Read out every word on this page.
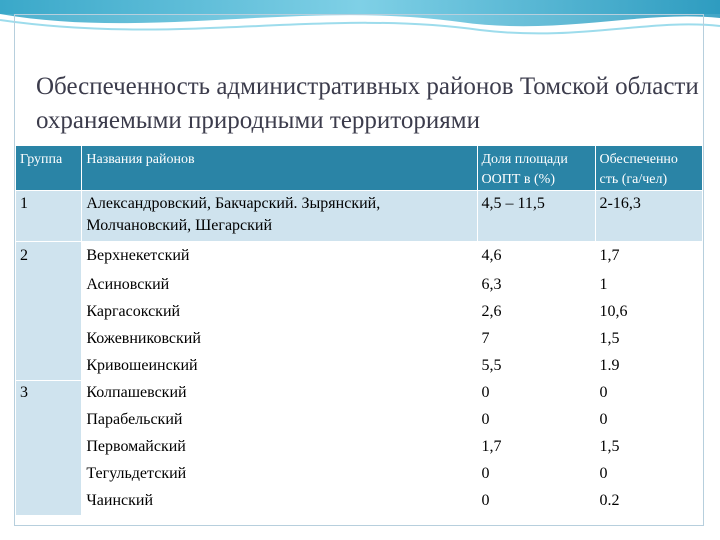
Обеспеченность административных районов Томской области охраняемыми природными территориями
Группа	Названия районов	Доля площади ООПТ в (%)	Обеспеченно сть (га/чел)
1	Александровский, Бакчарский. Зырянский, Молчановский, Шегарский	4,5 – 11,5	2-16,3
2	Верхнекетский	4,6	1,7
	Асиновский	6,3	1
	Каргасокский	2,6	10,6
	Кожевниковский	7	1,5
	Кривошеинский	5,5	1.9
3	Колпашевский	0	0
	Парабельский	0	0
	Первомайский	1,7	1,5
	Тегульдетский	0	0
	Чаинский	0	0.2
